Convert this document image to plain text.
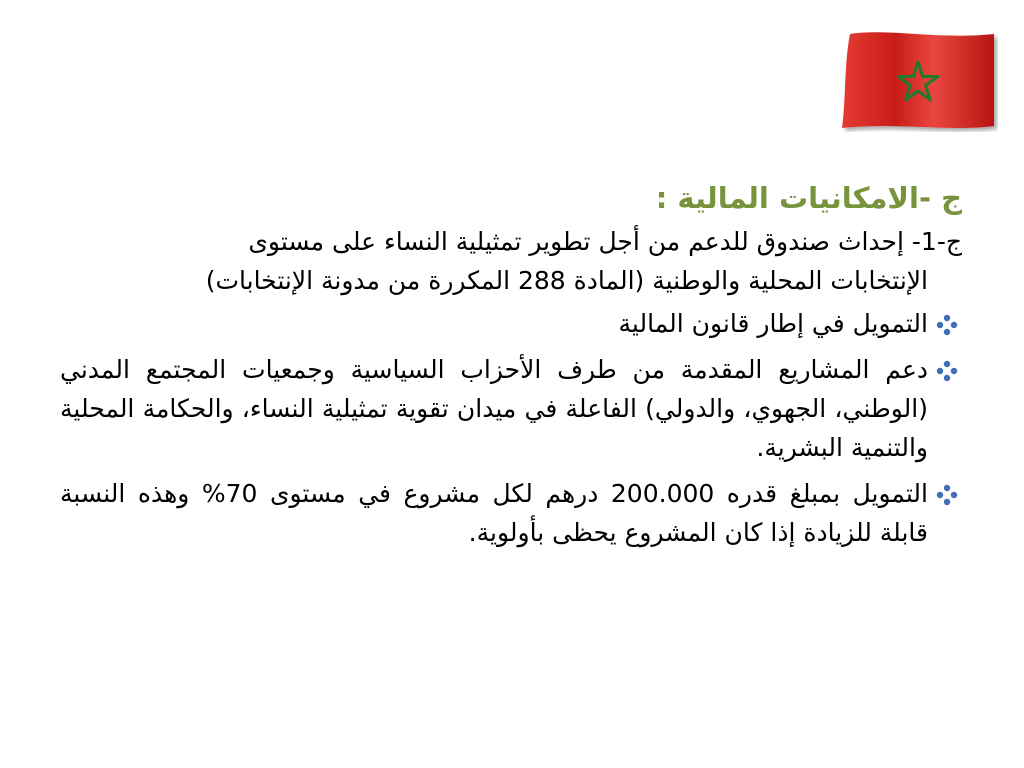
ج -الامكانيات المالية :
ج-1- إحداث صندوق للدعم من أجل تطوير تمثيلية النساء على مستوى
الإنتخابات المحلية والوطنية (المادة 288 المكررة من مدونة الإنتخابات)
التمويل في إطار قانون المالية
دعم المشاريع المقدمة من طرف الأحزاب السياسية وجمعيات المجتمع المدني (الوطني، الجهوي، والدولي) الفاعلة في ميدان تقوية تمثيلية النساء، والحكامة المحلية والتنمية البشرية.
التمويل بمبلغ قدره 200.000 درهم لكل مشروع في مستوى 70% وهذه النسبة قابلة للزيادة إذا كان المشروع يحظى بأولوية.
